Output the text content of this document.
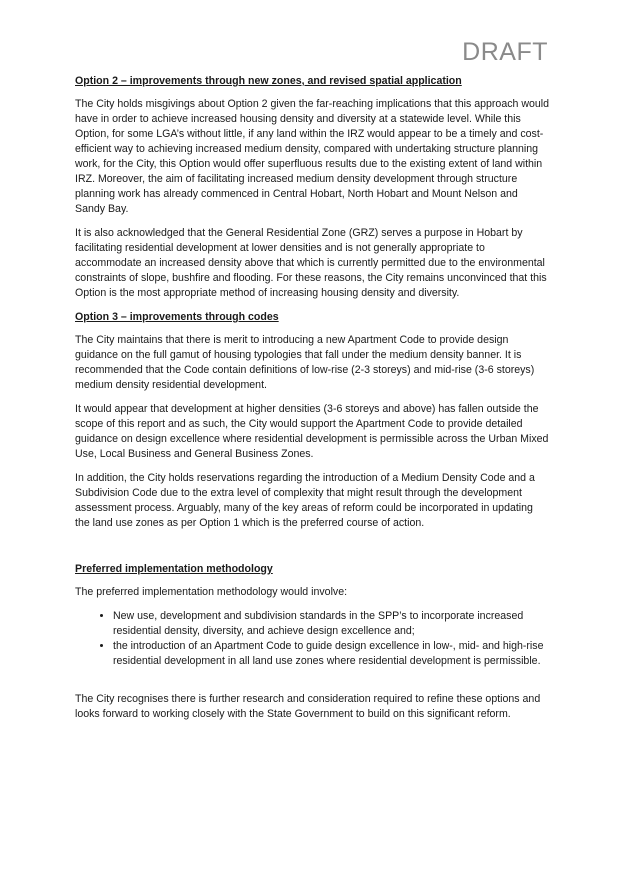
DRAFT
Option 2 – improvements through new zones, and revised spatial application

The City holds misgivings about Option 2 given the far-reaching implications that this approach would have in order to achieve increased housing density and diversity at a statewide level. While this Option, for some LGA’s without little, if any land within the IRZ would appear to be a timely and cost-efficient way to achieving increased medium density, compared with undertaking structure planning work, for the City, this Option would offer superfluous results due to the existing extent of land within IRZ. Moreover, the aim of facilitating increased medium density development through structure planning work has already commenced in Central Hobart, North Hobart and Mount Nelson and Sandy Bay.

It is also acknowledged that the General Residential Zone (GRZ) serves a purpose in Hobart by facilitating residential development at lower densities and is not generally appropriate to accommodate an increased density above that which is currently permitted due to the environmental constraints of slope, bushfire and flooding. For these reasons, the City remains unconvinced that this Option is the most appropriate method of increasing housing density and diversity.

Option 3 – improvements through codes

The City maintains that there is merit to introducing a new Apartment Code to provide design guidance on the full gamut of housing typologies that fall under the medium density banner. It is recommended that the Code contain definitions of low-rise (2-3 storeys) and mid-rise (3-6 storeys) medium density residential development.

It would appear that development at higher densities (3-6 storeys and above) has fallen outside the scope of this report and as such, the City would support the Apartment Code to provide detailed guidance on design excellence where residential development is permissible across the Urban Mixed Use, Local Business and General Business Zones.

In addition, the City holds reservations regarding the introduction of a Medium Density Code and a Subdivision Code due to the extra level of complexity that might result through the development assessment process. Arguably, many of the key areas of reform could be incorporated in updating the land use zones as per Option 1 which is the preferred course of action.

Preferred implementation methodology

The preferred implementation methodology would involve:

• New use, development and subdivision standards in the SPP’s to incorporate increased residential density, diversity, and achieve design excellence and;
• the introduction of an Apartment Code to guide design excellence in low-, mid- and high-rise residential development in all land use zones where residential development is permissible.

The City recognises there is further research and consideration required to refine these options and looks forward to working closely with the State Government to build on this significant reform.
